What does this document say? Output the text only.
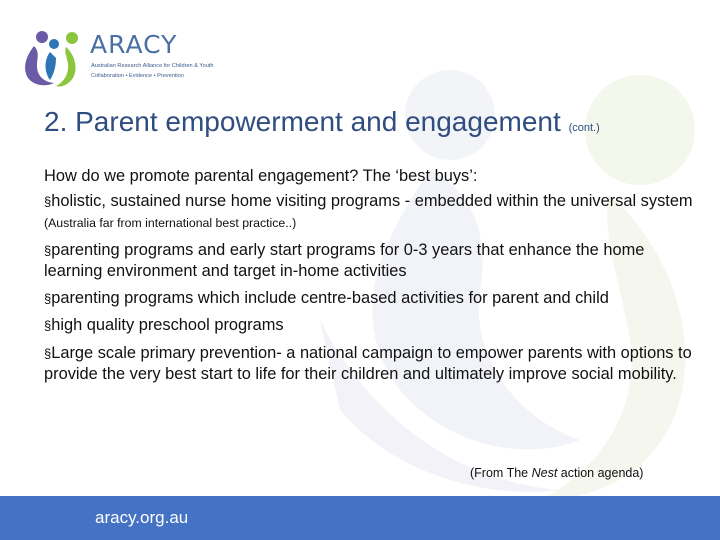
ARACY
Australian Research Alliance for Children & Youth
Collaboration • Evidence • Prevention
2. Parent empowerment and engagement (cont.)

How do we promote parental engagement? The ‘best buys’:

§holistic, sustained nurse home visiting programs - embedded within the universal system (Australia far from international best practice..)

§parenting programs and early start programs for 0-3 years that enhance the home learning environment and target in-home activities

§parenting programs which include centre-based activities for parent and child

§high quality preschool programs

§Large scale primary prevention- a national campaign to empower parents with options to provide the very best start to life for their children and ultimately improve social mobility.

(From The Nest action agenda)
aracy.org.au
